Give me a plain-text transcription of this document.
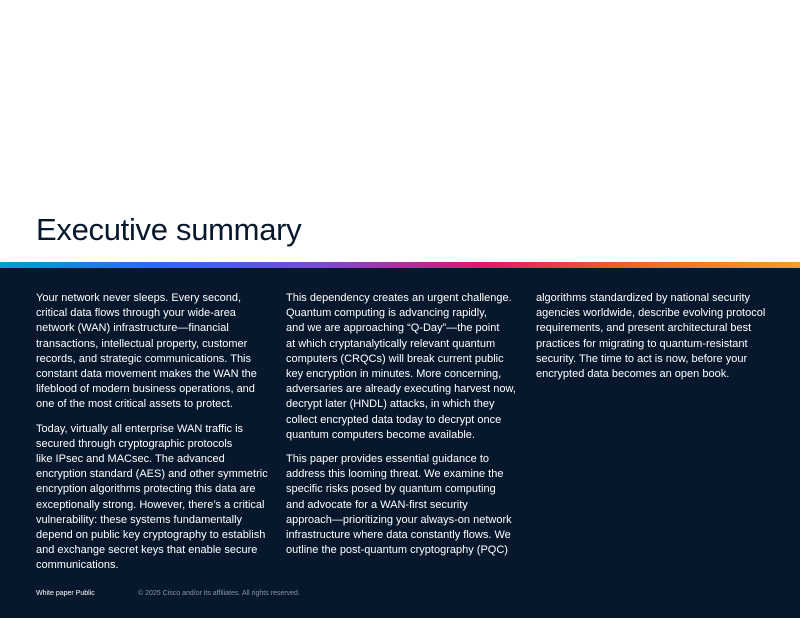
Executive summary

Your network never sleeps. Every second,
critical data flows through your wide-area
network (WAN) infrastructure—financial
transactions, intellectual property, customer
records, and strategic communications. This
constant data movement makes the WAN the
lifeblood of modern business operations, and
one of the most critical assets to protect.

Today, virtually all enterprise WAN traffic is
secured through cryptographic protocols
like IPsec and MACsec. The advanced
encryption standard (AES) and other symmetric
encryption algorithms protecting this data are
exceptionally strong. However, there’s a critical
vulnerability: these systems fundamentally
depend on public key cryptography to establish
and exchange secret keys that enable secure
communications.

This dependency creates an urgent challenge.
Quantum computing is advancing rapidly,
and we are approaching “Q-Day”—the point
at which cryptanalytically relevant quantum
computers (CRQCs) will break current public
key encryption in minutes. More concerning,
adversaries are already executing harvest now,
decrypt later (HNDL) attacks, in which they
collect encrypted data today to decrypt once
quantum computers become available.

This paper provides essential guidance to
address this looming threat. We examine the
specific risks posed by quantum computing
and advocate for a WAN-first security
approach—prioritizing your always-on network
infrastructure where data constantly flows. We
outline the post-quantum cryptography (PQC)

algorithms standardized by national security
agencies worldwide, describe evolving protocol
requirements, and present architectural best
practices for migrating to quantum-resistant
security. The time to act is now, before your
encrypted data becomes an open book.

White paper Public	© 2025 Cisco and/or its affiliates. All rights reserved.
